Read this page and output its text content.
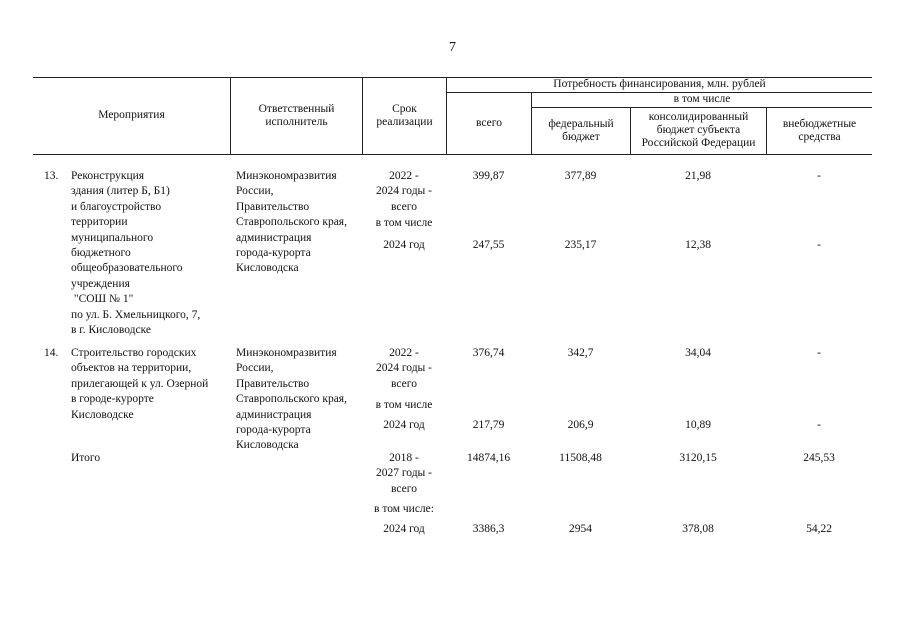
7
Мероприятия
Ответственный исполнитель
Срок реализации
Потребность финансирования, млн. рублей
всего
в том числе
федеральный бюджет
консолидированный бюджет субъекта Российской Федерации
внебюджетные средства
13. Реконструкция
здания (литер Б, Б1)
и благоустройство
территории
муниципального
бюджетного
общеобразовательного
учреждения
"СОШ № 1"
по ул. Б. Хмельницкого, 7,
в г. Кисловодске
Минэкономразвития
России,
Правительство
Ставропольского края,
администрация
города-курорта
Кисловодска
2022 -
2024 годы -
всего
в том числе
2024 год
399,87
247,55
377,89
235,17
21,98
12,38
-
-
14. Строительство городских
объектов на территории,
прилегающей к ул. Озерной
в городе-курорте
Кисловодске
Минэкономразвития
России,
Правительство
Ставропольского края,
администрация
города-курорта
Кисловодска
2022 -
2024 годы -
всего
в том числе
2024 год
376,74
217,79
342,7
206,9
34,04
10,89
-
-
Итого	2018 -
2027 годы -
всего
в том числе:
2024 год
14874,16
3386,3
11508,48
2954
3120,15
378,08
245,53
54,22
